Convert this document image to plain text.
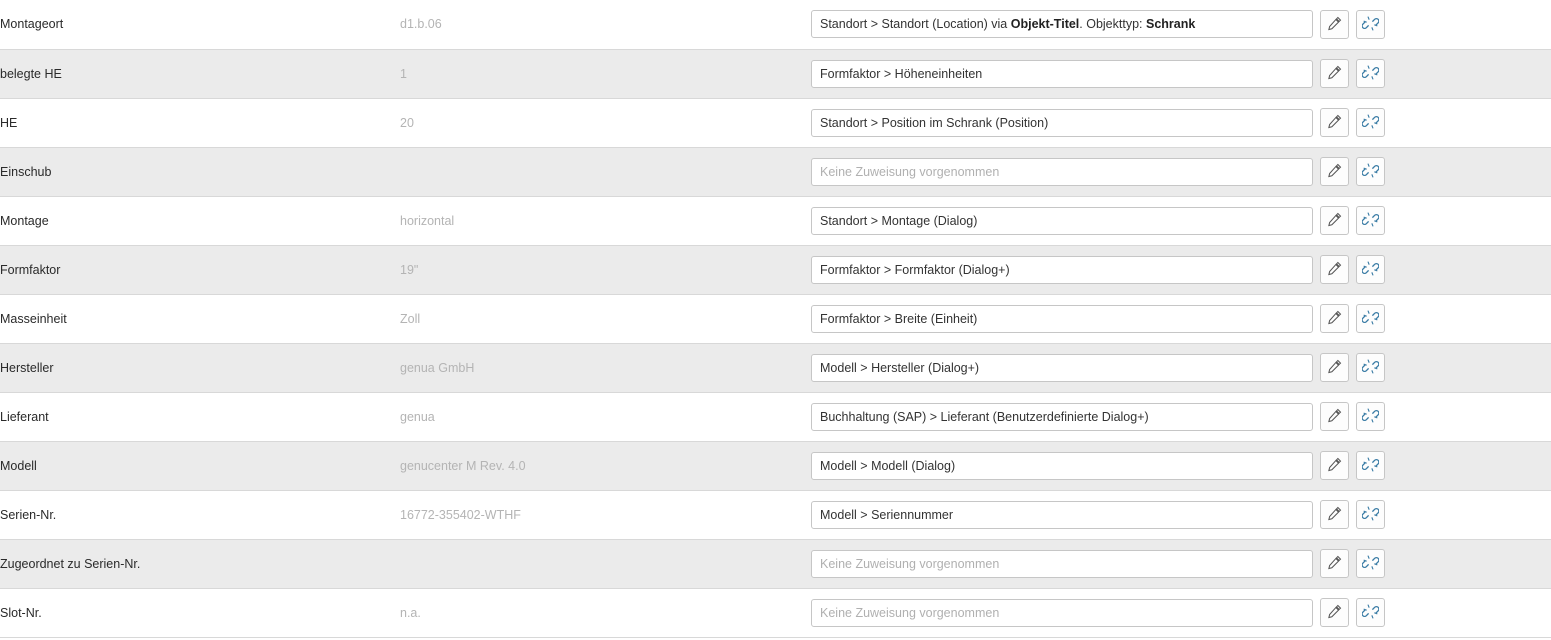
Montageort	d1.b.06	Standort > Standort (Location) via Objekt-Titel. Objekttyp: Schrank

belegte HE	1	Formfaktor > Höheneinheiten

HE	20	Standort > Position im Schrank (Position)

Einschub		Keine Zuweisung vorgenommen

Montage	horizontal	Standort > Montage (Dialog)

Formfaktor	19"	Formfaktor > Formfaktor (Dialog+)

Masseinheit	Zoll	Formfaktor > Breite (Einheit)

Hersteller	genua GmbH	Modell > Hersteller (Dialog+)

Lieferant	genua	Buchhaltung (SAP) > Lieferant (Benutzerdefinierte Dialog+)

Modell	genucenter M Rev. 4.0	Modell > Modell (Dialog)

Serien-Nr.	16772-355402-WTHF	Modell > Seriennummer

Zugeordnet zu Serien-Nr.		Keine Zuweisung vorgenommen

Slot-Nr.	n.a.	Keine Zuweisung vorgenommen
